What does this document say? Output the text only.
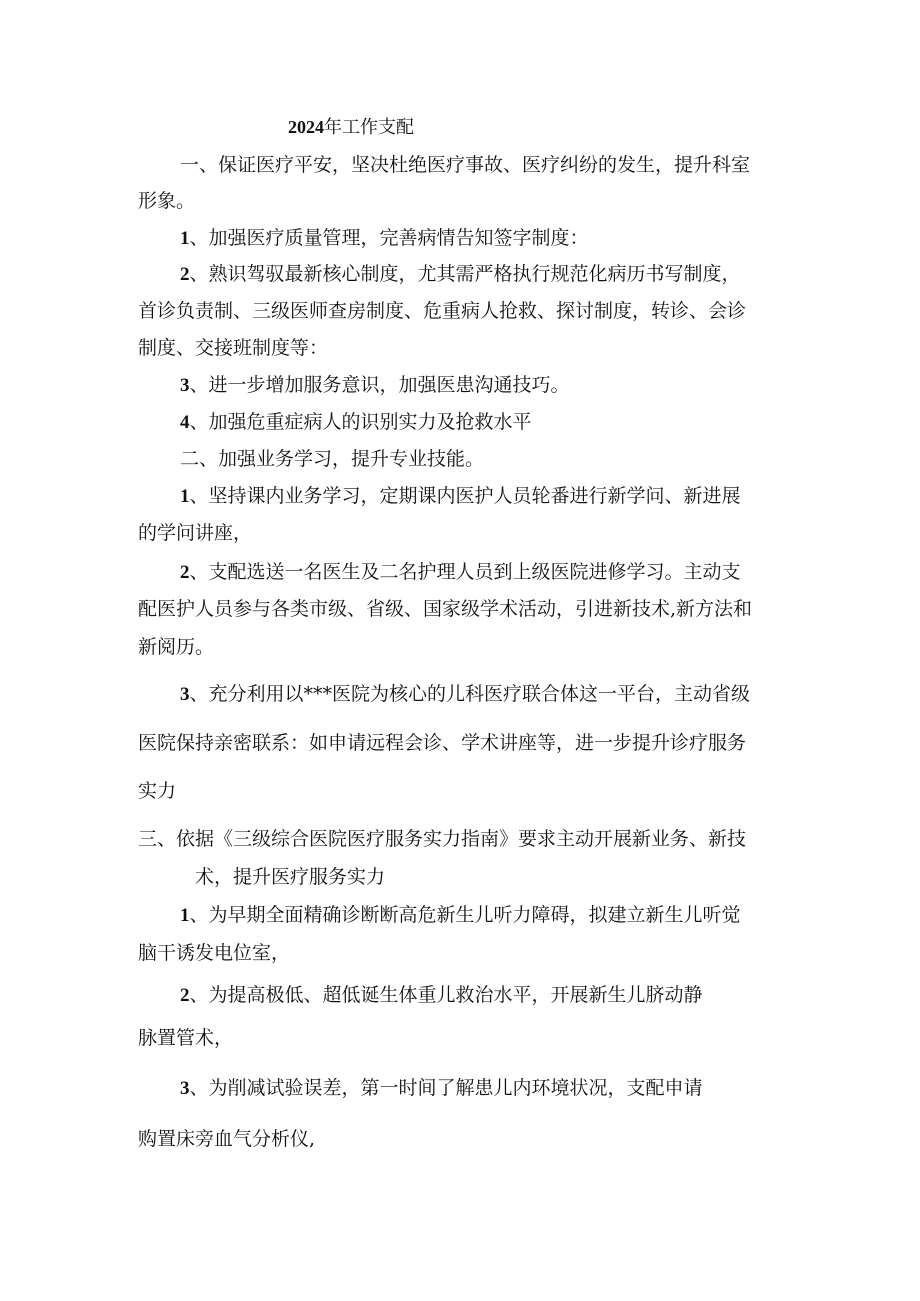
2024年工作支配
一、保证医疗平安，坚决杜绝医疗事故、医疗纠纷的发生，提升科室
形象。
1、加强医疗质量管理，完善病情告知签字制度：
2、熟识驾驭最新核心制度，尤其需严格执行规范化病历书写制度，
首诊负责制、三级医师查房制度、危重病人抢救、探讨制度，转诊、会诊
制度、交接班制度等：
3、进一步增加服务意识，加强医患沟通技巧。
4、加强危重症病人的识别实力及抢救水平
二、加强业务学习，提升专业技能。
1、坚持课内业务学习，定期课内医护人员轮番进行新学问、新进展
的学问讲座，
2、支配选送一名医生及二名护理人员到上级医院进修学习。主动支
配医护人员参与各类市级、省级、国家级学术活动，引进新技术,新方法和
新阅历。
3、充分利用以***医院为核心的儿科医疗联合体这一平台，主动省级
医院保持亲密联系：如申请远程会诊、学术讲座等，进一步提升诊疗服务
实力
三、依据《三级综合医院医疗服务实力指南》要求主动开展新业务、新技
术，提升医疗服务实力
1、为早期全面精确诊断断高危新生儿听力障碍，拟建立新生儿听觉
脑干诱发电位室，
2、为提高极低、超低诞生体重儿救治水平，开展新生儿脐动静
脉置管术，
3、为削减试验误差，第一时间了解患儿内环境状况，支配申请
购置床旁血气分析仪,
